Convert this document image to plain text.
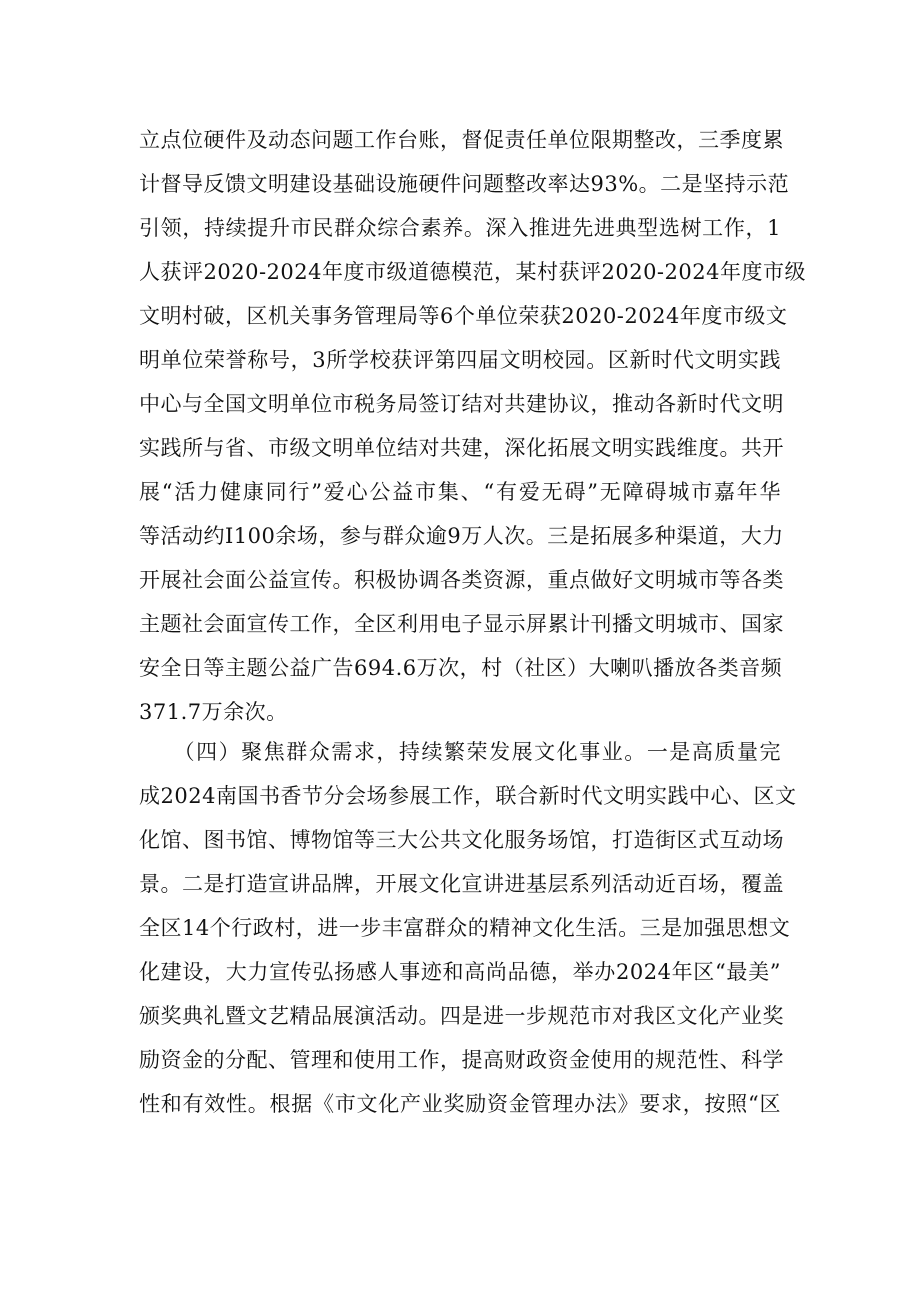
立点位硬件及动态问题工作台账，督促责任单位限期整改，三季度累
计督导反馈文明建设基础设施硬件问题整改率达93%。二是坚持示范
引领，持续提升市民群众综合素养。深入推进先进典型选树工作，1
人获评2020-2024年度市级道德模范，某村获评2020-2024年度市级
文明村破，区机关事务管理局等6个单位荣获2020-2024年度市级文
明单位荣誉称号，3所学校获评第四届文明校园。区新时代文明实践
中心与全国文明单位市税务局签订结对共建协议，推动各新时代文明
实践所与省、市级文明单位结对共建，深化拓展文明实践维度。共开
展“活力健康同行”爱心公益市集、“有爱无碍”无障碍城市嘉年华
等活动约I100余场，参与群众逾9万人次。三是拓展多种渠道，大力
开展社会面公益宣传。积极协调各类资源，重点做好文明城市等各类
主题社会面宣传工作，全区利用电子显示屏累计刊播文明城市、国家
安全日等主题公益广告694.6万次，村（社区）大喇叭播放各类音频
371.7万余次。
　　（四）聚焦群众需求，持续繁荣发展文化事业。一是高质量完
成2024南国书香节分会场参展工作，联合新时代文明实践中心、区文
化馆、图书馆、博物馆等三大公共文化服务场馆，打造街区式互动场
景。二是打造宣讲品牌，开展文化宣讲进基层系列活动近百场，覆盖
全区14个行政村，进一步丰富群众的精神文化生活。三是加强思想文
化建设，大力宣传弘扬感人事迹和高尚品德，举办2024年区“最美”
颁奖典礼暨文艺精品展演活动。四是进一步规范市对我区文化产业奖
励资金的分配、管理和使用工作，提高财政资金使用的规范性、科学
性和有效性。根据《市文化产业奖励资金管理办法》要求，按照“区
